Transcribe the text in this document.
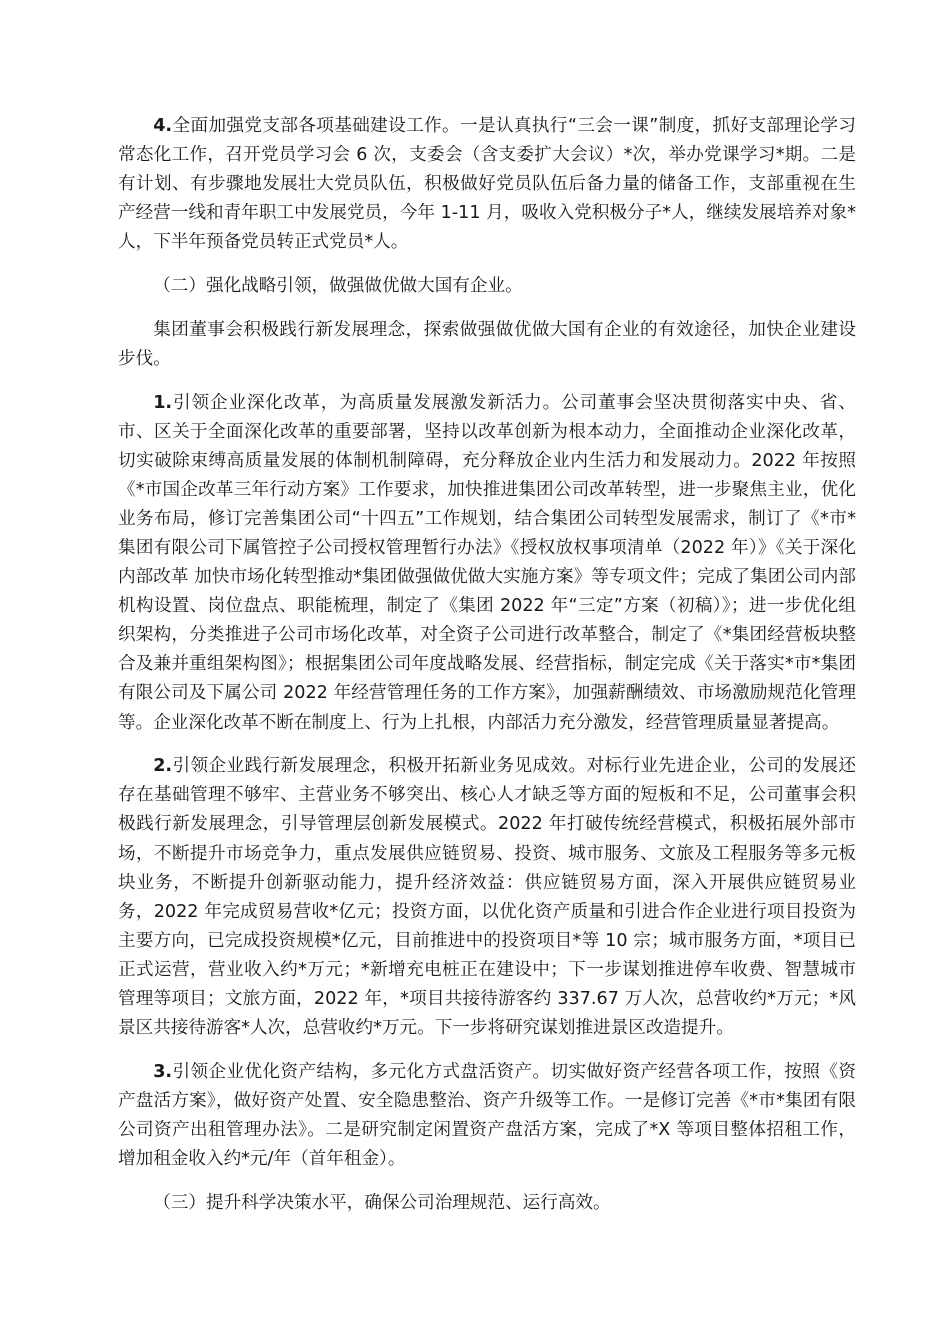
4.全面加强党支部各项基础建设工作。一是认真执行“三会一课”制度，抓好支部理论学习常态化工作，召开党员学习会 6 次，支委会（含支委扩大会议）*次，举办党课学习*期。二是有计划、有步骤地发展壮大党员队伍，积极做好党员队伍后备力量的储备工作，支部重视在生产经营一线和青年职工中发展党员，今年 1-11 月，吸收入党积极分子*人，继续发展培养对象*人，下半年预备党员转正式党员*人。

（二）强化战略引领，做强做优做大国有企业。

集团董事会积极践行新发展理念，探索做强做优做大国有企业的有效途径，加快企业建设步伐。

1.引领企业深化改革，为高质量发展激发新活力。公司董事会坚决贯彻落实中央、省、市、区关于全面深化改革的重要部署，坚持以改革创新为根本动力，全面推动企业深化改革，切实破除束缚高质量发展的体制机制障碍，充分释放企业内生活力和发展动力。2022 年按照《*市国企改革三年行动方案》工作要求，加快推进集团公司改革转型，进一步聚焦主业，优化业务布局，修订完善集团公司“十四五”工作规划，结合集团公司转型发展需求，制订了《*市*集团有限公司下属管控子公司授权管理暂行办法》《授权放权事项清单（2022 年）》《关于深化内部改革 加快市场化转型推动*集团做强做优做大实施方案》等专项文件；完成了集团公司内部机构设置、岗位盘点、职能梳理，制定了《集团 2022 年“三定”方案（初稿）》；进一步优化组织架构，分类推进子公司市场化改革，对全资子公司进行改革整合，制定了《*集团经营板块整合及兼并重组架构图》；根据集团公司年度战略发展、经营指标，制定完成《关于落实*市*集团有限公司及下属公司 2022 年经营管理任务的工作方案》，加强薪酬绩效、市场激励规范化管理等。企业深化改革不断在制度上、行为上扎根，内部活力充分激发，经营管理质量显著提高。

2.引领企业践行新发展理念，积极开拓新业务见成效。对标行业先进企业，公司的发展还存在基础管理不够牢、主营业务不够突出、核心人才缺乏等方面的短板和不足，公司董事会积极践行新发展理念，引导管理层创新发展模式。2022 年打破传统经营模式，积极拓展外部市场，不断提升市场竞争力，重点发展供应链贸易、投资、城市服务、文旅及工程服务等多元板块业务，不断提升创新驱动能力，提升经济效益：供应链贸易方面，深入开展供应链贸易业务，2022 年完成贸易营收*亿元；投资方面，以优化资产质量和引进合作企业进行项目投资为主要方向，已完成投资规模*亿元，目前推进中的投资项目*等 10 宗；城市服务方面，*项目已正式运营，营业收入约*万元；*新增充电桩正在建设中；下一步谋划推进停车收费、智慧城市管理等项目；文旅方面，2022 年，*项目共接待游客约 337.67 万人次，总营收约*万元；*风景区共接待游客*人次，总营收约*万元。下一步将研究谋划推进景区改造提升。

3.引领企业优化资产结构，多元化方式盘活资产。切实做好资产经营各项工作，按照《资产盘活方案》，做好资产处置、安全隐患整治、资产升级等工作。一是修订完善《*市*集团有限公司资产出租管理办法》。二是研究制定闲置资产盘活方案，完成了*X 等项目整体招租工作，增加租金收入约*元/年（首年租金）。

（三）提升科学决策水平，确保公司治理规范、运行高效。
